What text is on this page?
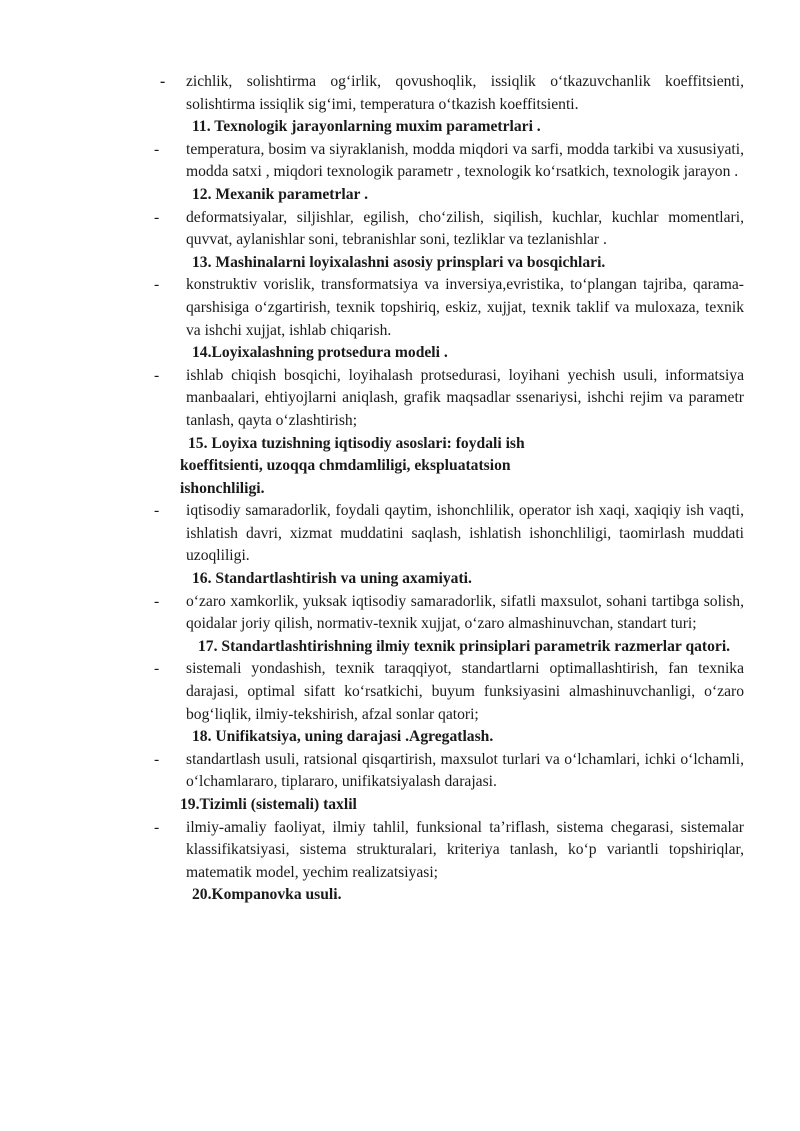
- zichlik, solishtirma og‘irlik, qovushoqlik, issiqlik o‘tkazuvchanlik koeffitsienti, solishtirma issiqlik sig‘imi, temperatura o‘tkazish koeffitsienti.
11. Texnologik jarayonlarning muxim parametrlari .
- temperatura, bosim va siyraklanish, modda miqdori va sarfi, modda tarkibi va xususiyati, modda satxi , miqdori texnologik parametr , texnologik ko‘rsatkich, texnologik jarayon .
12. Mexanik parametrlar .
- deformatsiyalar, siljishlar, egilish, cho‘zilish, siqilish, kuchlar, kuchlar momentlari, quvvat, aylanishlar soni, tebranishlar soni, tezliklar va tezlanishlar .
13. Mashinalarni loyixalashni asosiy prinsplari va bosqichlari.
- konstruktiv vorislik, transformatsiya va inversiya,evristika, to‘plangan tajriba, qarama-qarshisiga o‘zgartirish, texnik topshiriq, eskiz, xujjat, texnik taklif va muloxaza, texnik va ishchi xujjat, ishlab chiqarish.
14.Loyixalashning protsedura modeli .
- ishlab chiqish bosqichi, loyihalash protsedurasi, loyihani yechish usuli, informatsiya manbaalari, ehtiyojlarni aniqlash, grafik maqsadlar ssenariysi, ishchi rejim va parametr tanlash, qayta o‘zlashtirish;
15. Loyixa tuzishning iqtisodiy asoslari: foydali ish
koeffitsienti, uzoqqa chmdamliligi, ekspluatatsion
ishonchliligi.
- iqtisodiy samaradorlik, foydali qaytim, ishonchlilik, operator ish xaqi, xaqiqiy ish vaqti, ishlatish davri, xizmat muddatini saqlash, ishlatish ishonchliligi, taomirlash muddati uzoqliligi.
16. Standartlashtirish va uning axamiyati.
- o‘zaro xamkorlik, yuksak iqtisodiy samaradorlik, sifatli maxsulot, sohani tartibga solish, qoidalar joriy qilish, normativ-texnik xujjat, o‘zaro almashinuvchan, standart turi;
17. Standartlashtirishning ilmiy texnik prinsiplari parametrik razmerlar qatori.
- sistemali yondashish, texnik taraqqiyot, standartlarni optimallashtirish, fan texnika darajasi, optimal sifatt ko‘rsatkichi, buyum funksiyasini almashinuvchanligi, o‘zaro bog‘liqlik, ilmiy-tekshirish, afzal sonlar qatori;
18. Unifikatsiya, uning darajasi .Agregatlash.
- standartlash usuli, ratsional qisqartirish, maxsulot turlari va o‘lchamlari, ichki o‘lchamli, o‘lchamlararo, tiplararo, unifikatsiyalash darajasi.
19.Tizimli (sistemali) taxlil
- ilmiy-amaliy faoliyat, ilmiy tahlil, funksional ta’riflash, sistema chegarasi, sistemalar klassifikatsiyasi, sistema strukturalari, kriteriya tanlash, ko‘p variantli topshiriqlar, matematik model, yechim realizatsiyasi;
20.Kompanovka usuli.
